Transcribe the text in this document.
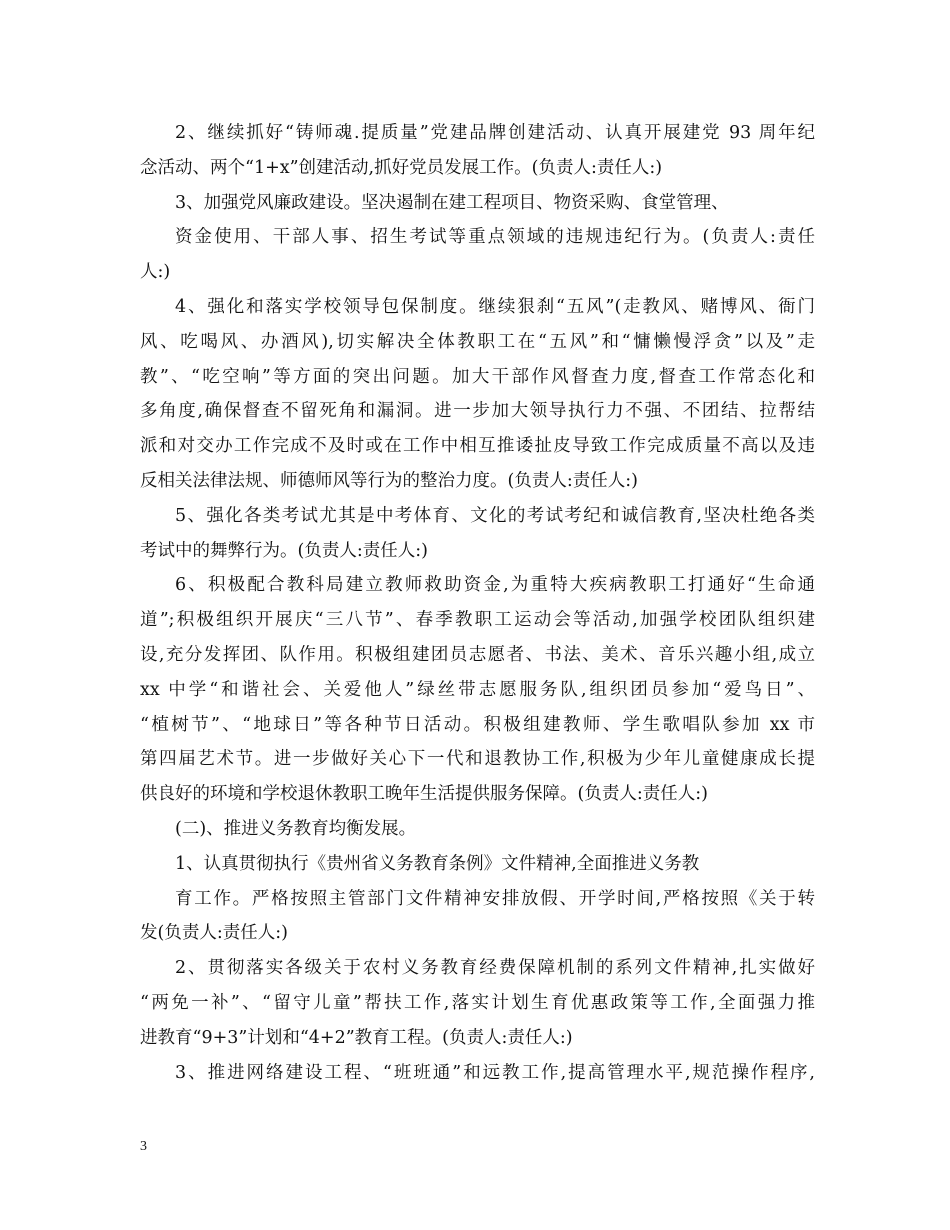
2、继续抓好“铸师魂.提质量”党建品牌创建活动、认真开展建党 93 周年纪
念活动、两个“1+x”创建活动,抓好党员发展工作。(负责人:责任人:)
3、加强党风廉政建设。坚决遏制在建工程项目、物资采购、食堂管理、
资金使用、干部人事、招生考试等重点领域的违规违纪行为。(负责人:责任
人:)
4、强化和落实学校领导包保制度。继续狠刹“五风”(走教风、赌博风、衙门
风、吃喝风、办酒风),切实解决全体教职工在“五风”和“慵懒慢浮贪”以及”走
教”、“吃空响”等方面的突出问题。加大干部作风督查力度,督查工作常态化和
多角度,确保督查不留死角和漏洞。进一步加大领导执行力不强、不团结、拉帮结
派和对交办工作完成不及时或在工作中相互推诿扯皮导致工作完成质量不高以及违
反相关法律法规、师德师风等行为的整治力度。(负责人:责任人:)
5、强化各类考试尤其是中考体育、文化的考试考纪和诚信教育,坚决杜绝各类
考试中的舞弊行为。(负责人:责任人:)
6、积极配合教科局建立教师救助资金,为重特大疾病教职工打通好“生命通
道”;积极组织开展庆“三八节”、春季教职工运动会等活动,加强学校团队组织建
设,充分发挥团、队作用。积极组建团员志愿者、书法、美术、音乐兴趣小组,成立
xx 中学“和谐社会、关爱他人”绿丝带志愿服务队,组织团员参加“爱鸟日”、
“植树节”、“地球日”等各种节日活动。积极组建教师、学生歌唱队参加 xx 市
第四届艺术节。进一步做好关心下一代和退教协工作,积极为少年儿童健康成长提
供良好的环境和学校退休教职工晚年生活提供服务保障。(负责人:责任人:)
(二)、推进义务教育均衡发展。
1、认真贯彻执行《贵州省义务教育条例》文件精神,全面推进义务教
育工作。严格按照主管部门文件精神安排放假、开学时间,严格按照《关于转
发(负责人:责任人:)
2、贯彻落实各级关于农村义务教育经费保障机制的系列文件精神,扎实做好
“两免一补”、“留守儿童”帮扶工作,落实计划生育优惠政策等工作,全面强力推
进教育“9+3”计划和“4+2”教育工程。(负责人:责任人:)
3、推进网络建设工程、“班班通”和远教工作,提高管理水平,规范操作程序,
3
